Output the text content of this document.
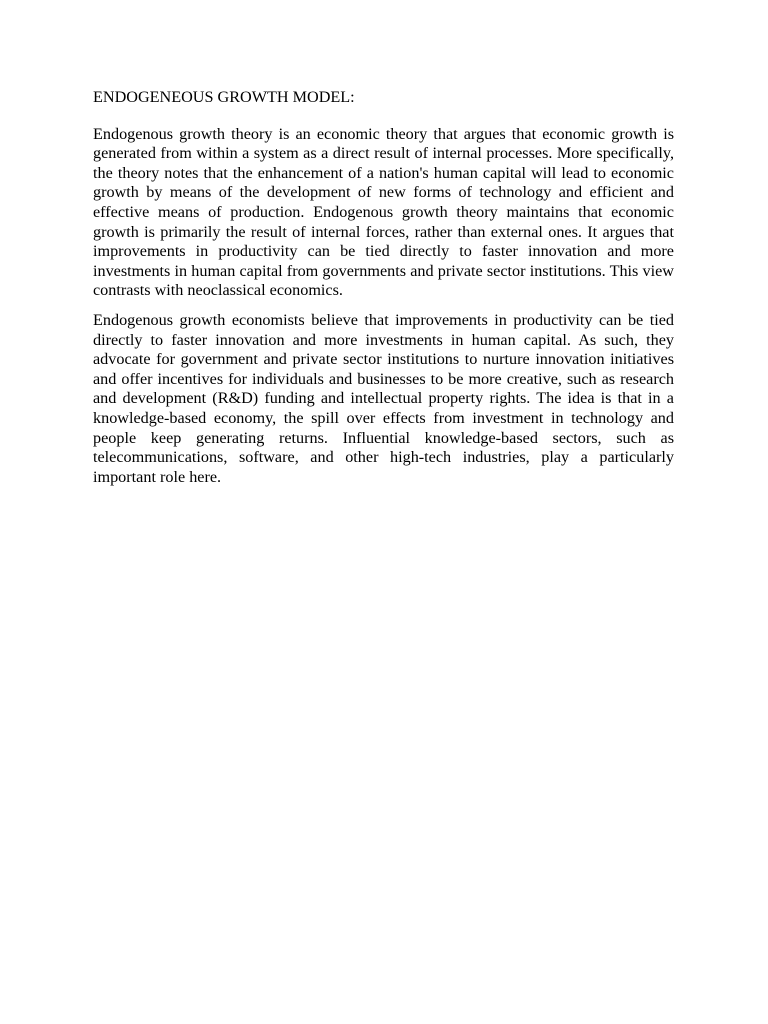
ENDOGENEOUS GROWTH MODEL:

Endogenous growth theory is an economic theory that argues that economic growth is generated from within a system as a direct result of internal processes. More specifically, the theory notes that the enhancement of a nation's human capital will lead to economic growth by means of the development of new forms of technology and efficient and effective means of production. Endogenous growth theory maintains that economic growth is primarily the result of internal forces, rather than external ones. It argues that improvements in productivity can be tied directly to faster innovation and more investments in human capital from governments and private sector institutions. This view contrasts with neoclassical economics.

Endogenous growth economists believe that improvements in productivity can be tied directly to faster innovation and more investments in human capital. As such, they advocate for government and private sector institutions to nurture innovation initiatives and offer incentives for individuals and businesses to be more creative, such as research and development (R&D) funding and intellectual property rights. The idea is that in a knowledge-based economy, the spill over effects from investment in technology and people keep generating returns. Influential knowledge-based sectors, such as telecommunications, software, and other high-tech industries, play a particularly important role here.
